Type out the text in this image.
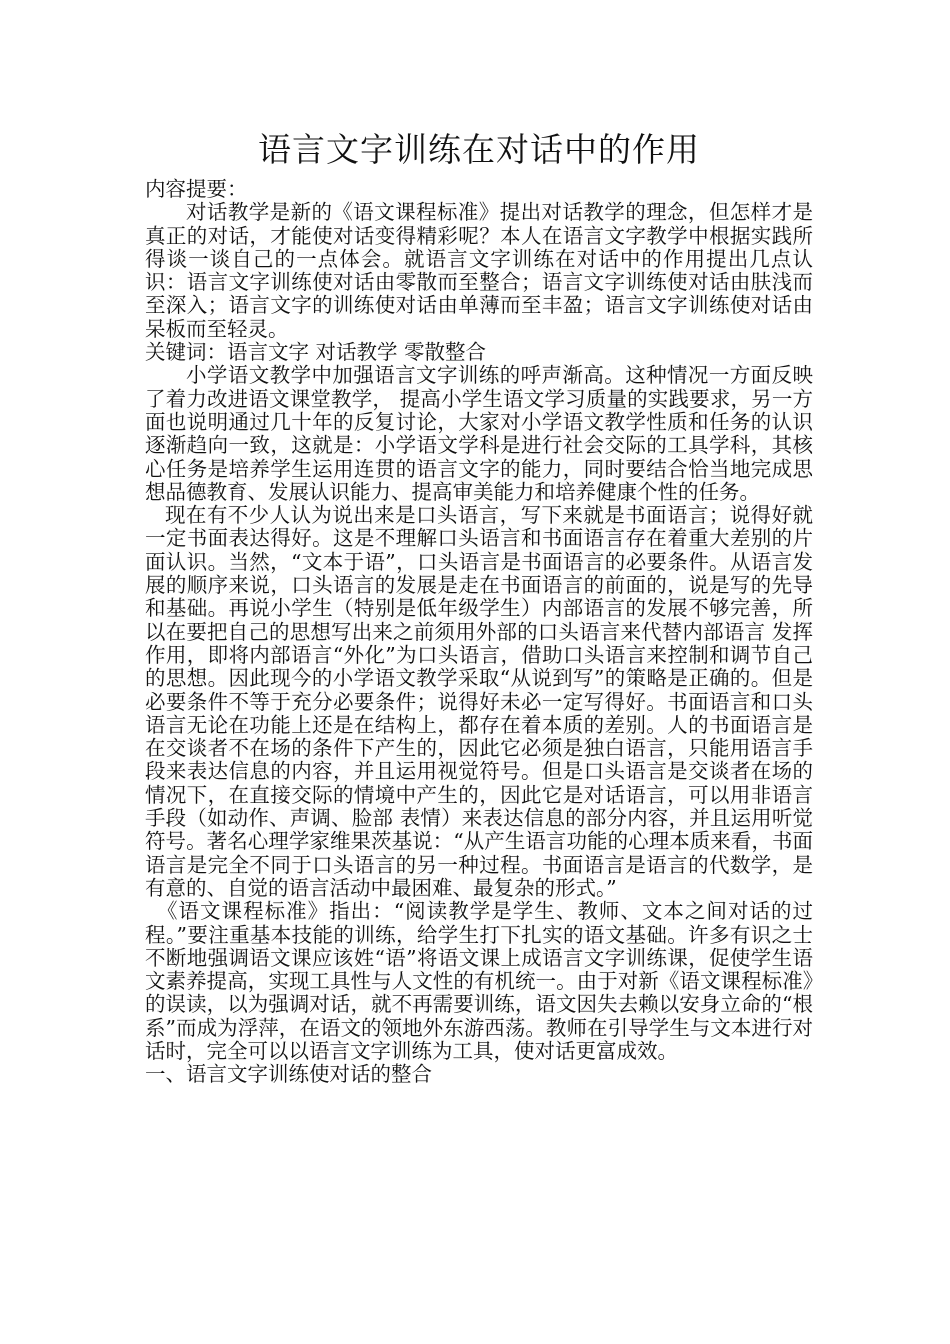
语言文字训练在对话中的作用

内容提要：

对话教学是新的《语文课程标准》提出对话教学的理念，但怎样才是真正的对话，才能使对话变得精彩呢？本人在语言文字教学中根据实践所得谈一谈自己的一点体会。就语言文字训练在对话中的作用提出几点认识：语言文字训练使对话由零散而至整合；语言文字训练使对话由肤浅而至深入；语言文字的训练使对话由单薄而至丰盈；语言文字训练使对话由呆板而至轻灵。

关键词：语言文字 对话教学 零散整合

小学语文教学中加强语言文字训练的呼声渐高。这种情况一方面反映了着力改进语文课堂教学， 提高小学生语文学习质量的实践要求，另一方面也说明通过几十年的反复讨论，大家对小学语文教学性质和任务的认识逐渐趋向一致，这就是：小学语文学科是进行社会交际的工具学科，其核心任务是培养学生运用连贯的语言文字的能力，同时要结合恰当地完成思想品德教育、发展认识能力、提高审美能力和培养健康个性的任务。

现在有不少人认为说出来是口头语言，写下来就是书面语言；说得好就一定书面表达得好。这是不理解口头语言和书面语言存在着重大差别的片面认识。当然，“文本于语”，口头语言是书面语言的必要条件。从语言发展的顺序来说，口头语言的发展是走在书面语言的前面的，说是写的先导和基础。再说小学生（特别是低年级学生）内部语言的发展不够完善，所以在要把自己的思想写出来之前须用外部的口头语言来代替内部语言 发挥作用，即将内部语言“外化”为口头语言，借助口头语言来控制和调节自己的思想。因此现今的小学语文教学采取“从说到写”的策略是正确的。但是必要条件不等于充分必要条件；说得好未必一定写得好。书面语言和口头语言无论在功能上还是在结构上，都存在着本质的差别。人的书面语言是在交谈者不在场的条件下产生的，因此它必须是独白语言，只能用语言手段来表达信息的内容，并且运用视觉符号。但是口头语言是交谈者在场的情况下，在直接交际的情境中产生的，因此它是对话语言，可以用非语言手段（如动作、声调、脸部 表情）来表达信息的部分内容，并且运用听觉符号。著名心理学家维果茨基说：“从产生语言功能的心理本质来看，书面语言是完全不同于口头语言的另一种过程。书面语言是语言的代数学，是有意的、自觉的语言活动中最困难、最复杂的形式。”

《语文课程标准》指出：“阅读教学是学生、教师、文本之间对话的过程。”要注重基本技能的训练，给学生打下扎实的语文基础。许多有识之士不断地强调语文课应该姓“语”将语文课上成语言文字训练课，促使学生语文素养提高，实现工具性与人文性的有机统一。由于对新《语文课程标准》的误读，以为强调对话，就不再需要训练，语文因失去赖以安身立命的“根系”而成为浮萍，在语文的领地外东游西荡。教师在引导学生与文本进行对话时，完全可以以语言文字训练为工具，使对话更富成效。

一、语言文字训练使对话的整合
